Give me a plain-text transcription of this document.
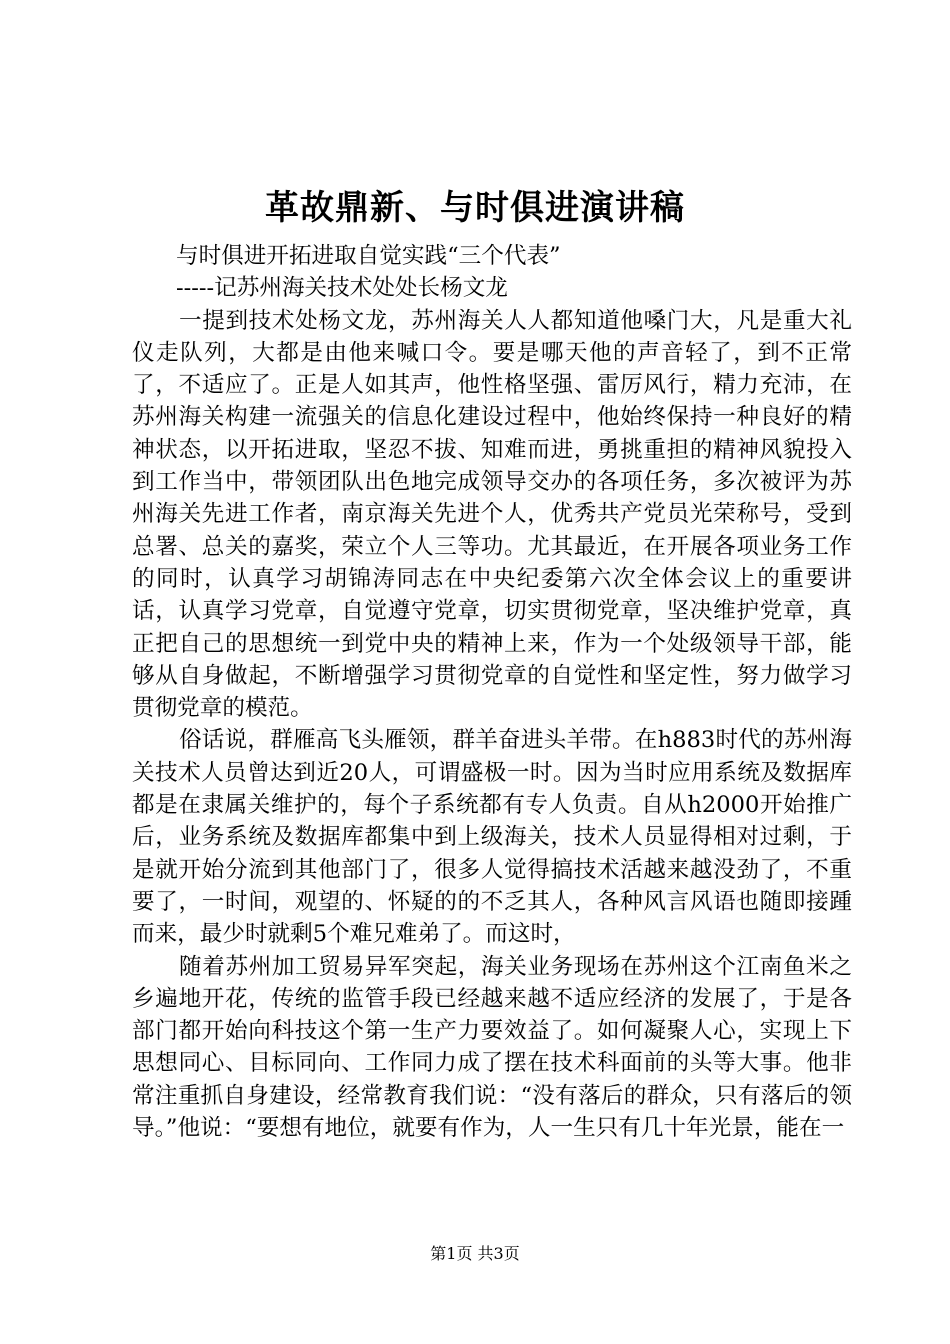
革故鼎新、与时俱进演讲稿

与时俱进开拓进取自觉实践“三个代表”

-----记苏州海关技术处处长杨文龙

一提到技术处杨文龙，苏州海关人人都知道他嗓门大，凡是重大礼仪走队列，大都是由他来喊口令。要是哪天他的声音轻了，到不正常了，不适应了。正是人如其声，他性格坚强、雷厉风行，精力充沛，在苏州海关构建一流强关的信息化建设过程中，他始终保持一种良好的精神状态，以开拓进取，坚忍不拔、知难而进，勇挑重担的精神风貌投入到工作当中，带领团队出色地完成领导交办的各项任务，多次被评为苏州海关先进工作者，南京海关先进个人，优秀共产党员光荣称号，受到总署、总关的嘉奖，荣立个人三等功。尤其最近，在开展各项业务工作的同时，认真学习胡锦涛同志在中央纪委第六次全体会议上的重要讲话，认真学习党章，自觉遵守党章，切实贯彻党章，坚决维护党章，真正把自己的思想统一到党中央的精神上来，作为一个处级领导干部，能够从自身做起，不断增强学习贯彻党章的自觉性和坚定性，努力做学习贯彻党章的模范。

俗话说，群雁高飞头雁领，群羊奋进头羊带。在h883时代的苏州海关技术人员曾达到近20人，可谓盛极一时。因为当时应用系统及数据库都是在隶属关维护的，每个子系统都有专人负责。自从h2000开始推广后，业务系统及数据库都集中到上级海关，技术人员显得相对过剩，于是就开始分流到其他部门了，很多人觉得搞技术活越来越没劲了，不重要了，一时间，观望的、怀疑的的不乏其人，各种风言风语也随即接踵而来，最少时就剩5个难兄难弟了。而这时，

随着苏州加工贸易异军突起，海关业务现场在苏州这个江南鱼米之乡遍地开花，传统的监管手段已经越来越不适应经济的发展了，于是各部门都开始向科技这个第一生产力要效益了。如何凝聚人心，实现上下思想同心、目标同向、工作同力成了摆在技术科面前的头等大事。他非常注重抓自身建设，经常教育我们说：“没有落后的群众，只有落后的领导。”他说：“要想有地位，就要有作为，人一生只有几十年光景，能在一

第1页 共3页
